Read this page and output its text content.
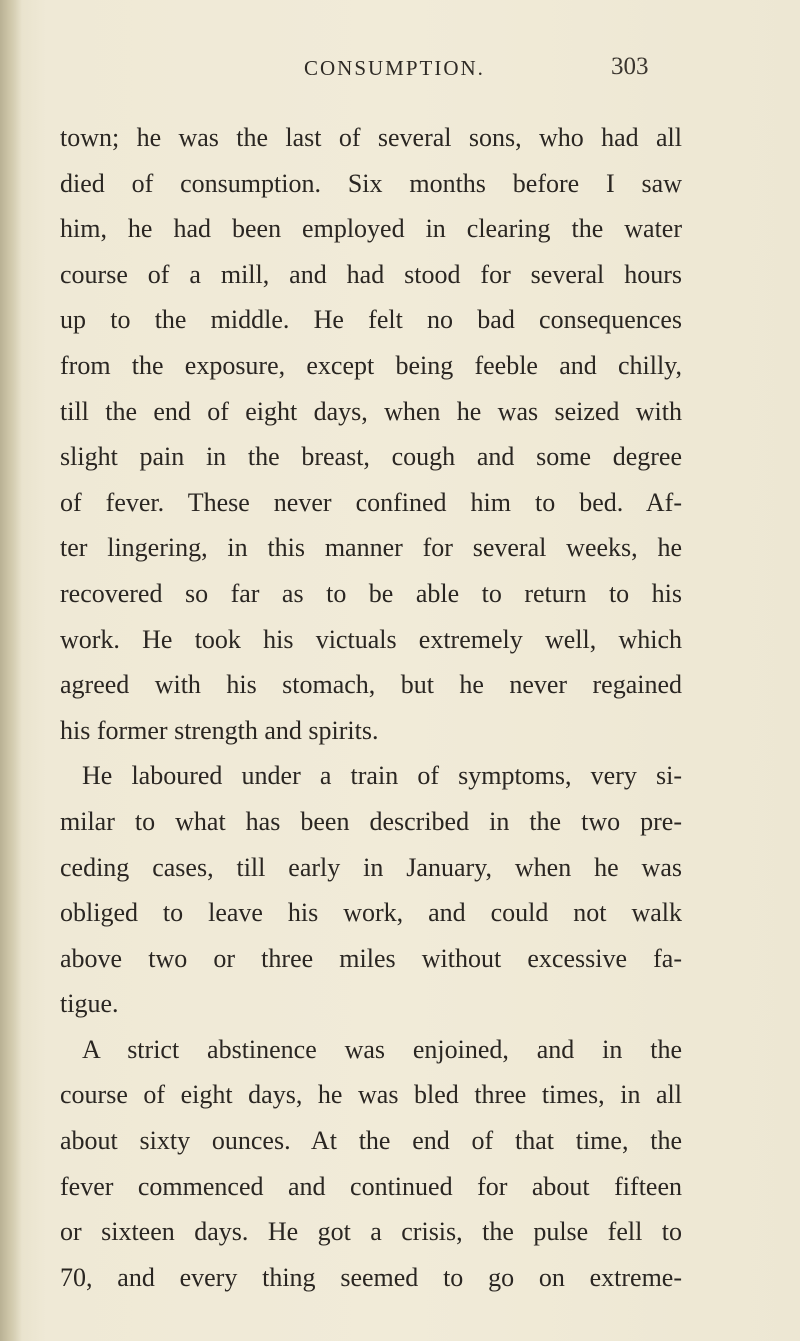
CONSUMPTION.	303
town; he was the last of several sons, who had all
died of consumption. Six months before I saw
him, he had been employed in clearing the water
course of a mill, and had stood for several hours
up to the middle. He felt no bad consequences
from the exposure, except being feeble and chilly,
till the end of eight days, when he was seized with
slight pain in the breast, cough and some degree
of fever. These never confined him to bed. Af-
ter lingering, in this manner for several weeks, he
recovered so far as to be able to return to his
work. He took his victuals extremely well, which
agreed with his stomach, but he never regained
his former strength and spirits.
He laboured under a train of symptoms, very si-
milar to what has been described in the two pre-
ceding cases, till early in January, when he was
obliged to leave his work, and could not walk
above two or three miles without excessive fa-
tigue.
A strict abstinence was enjoined, and in the
course of eight days, he was bled three times, in all
about sixty ounces. At the end of that time, the
fever commenced and continued for about fifteen
or sixteen days. He got a crisis, the pulse fell to
70, and every thing seemed to go on extreme-
